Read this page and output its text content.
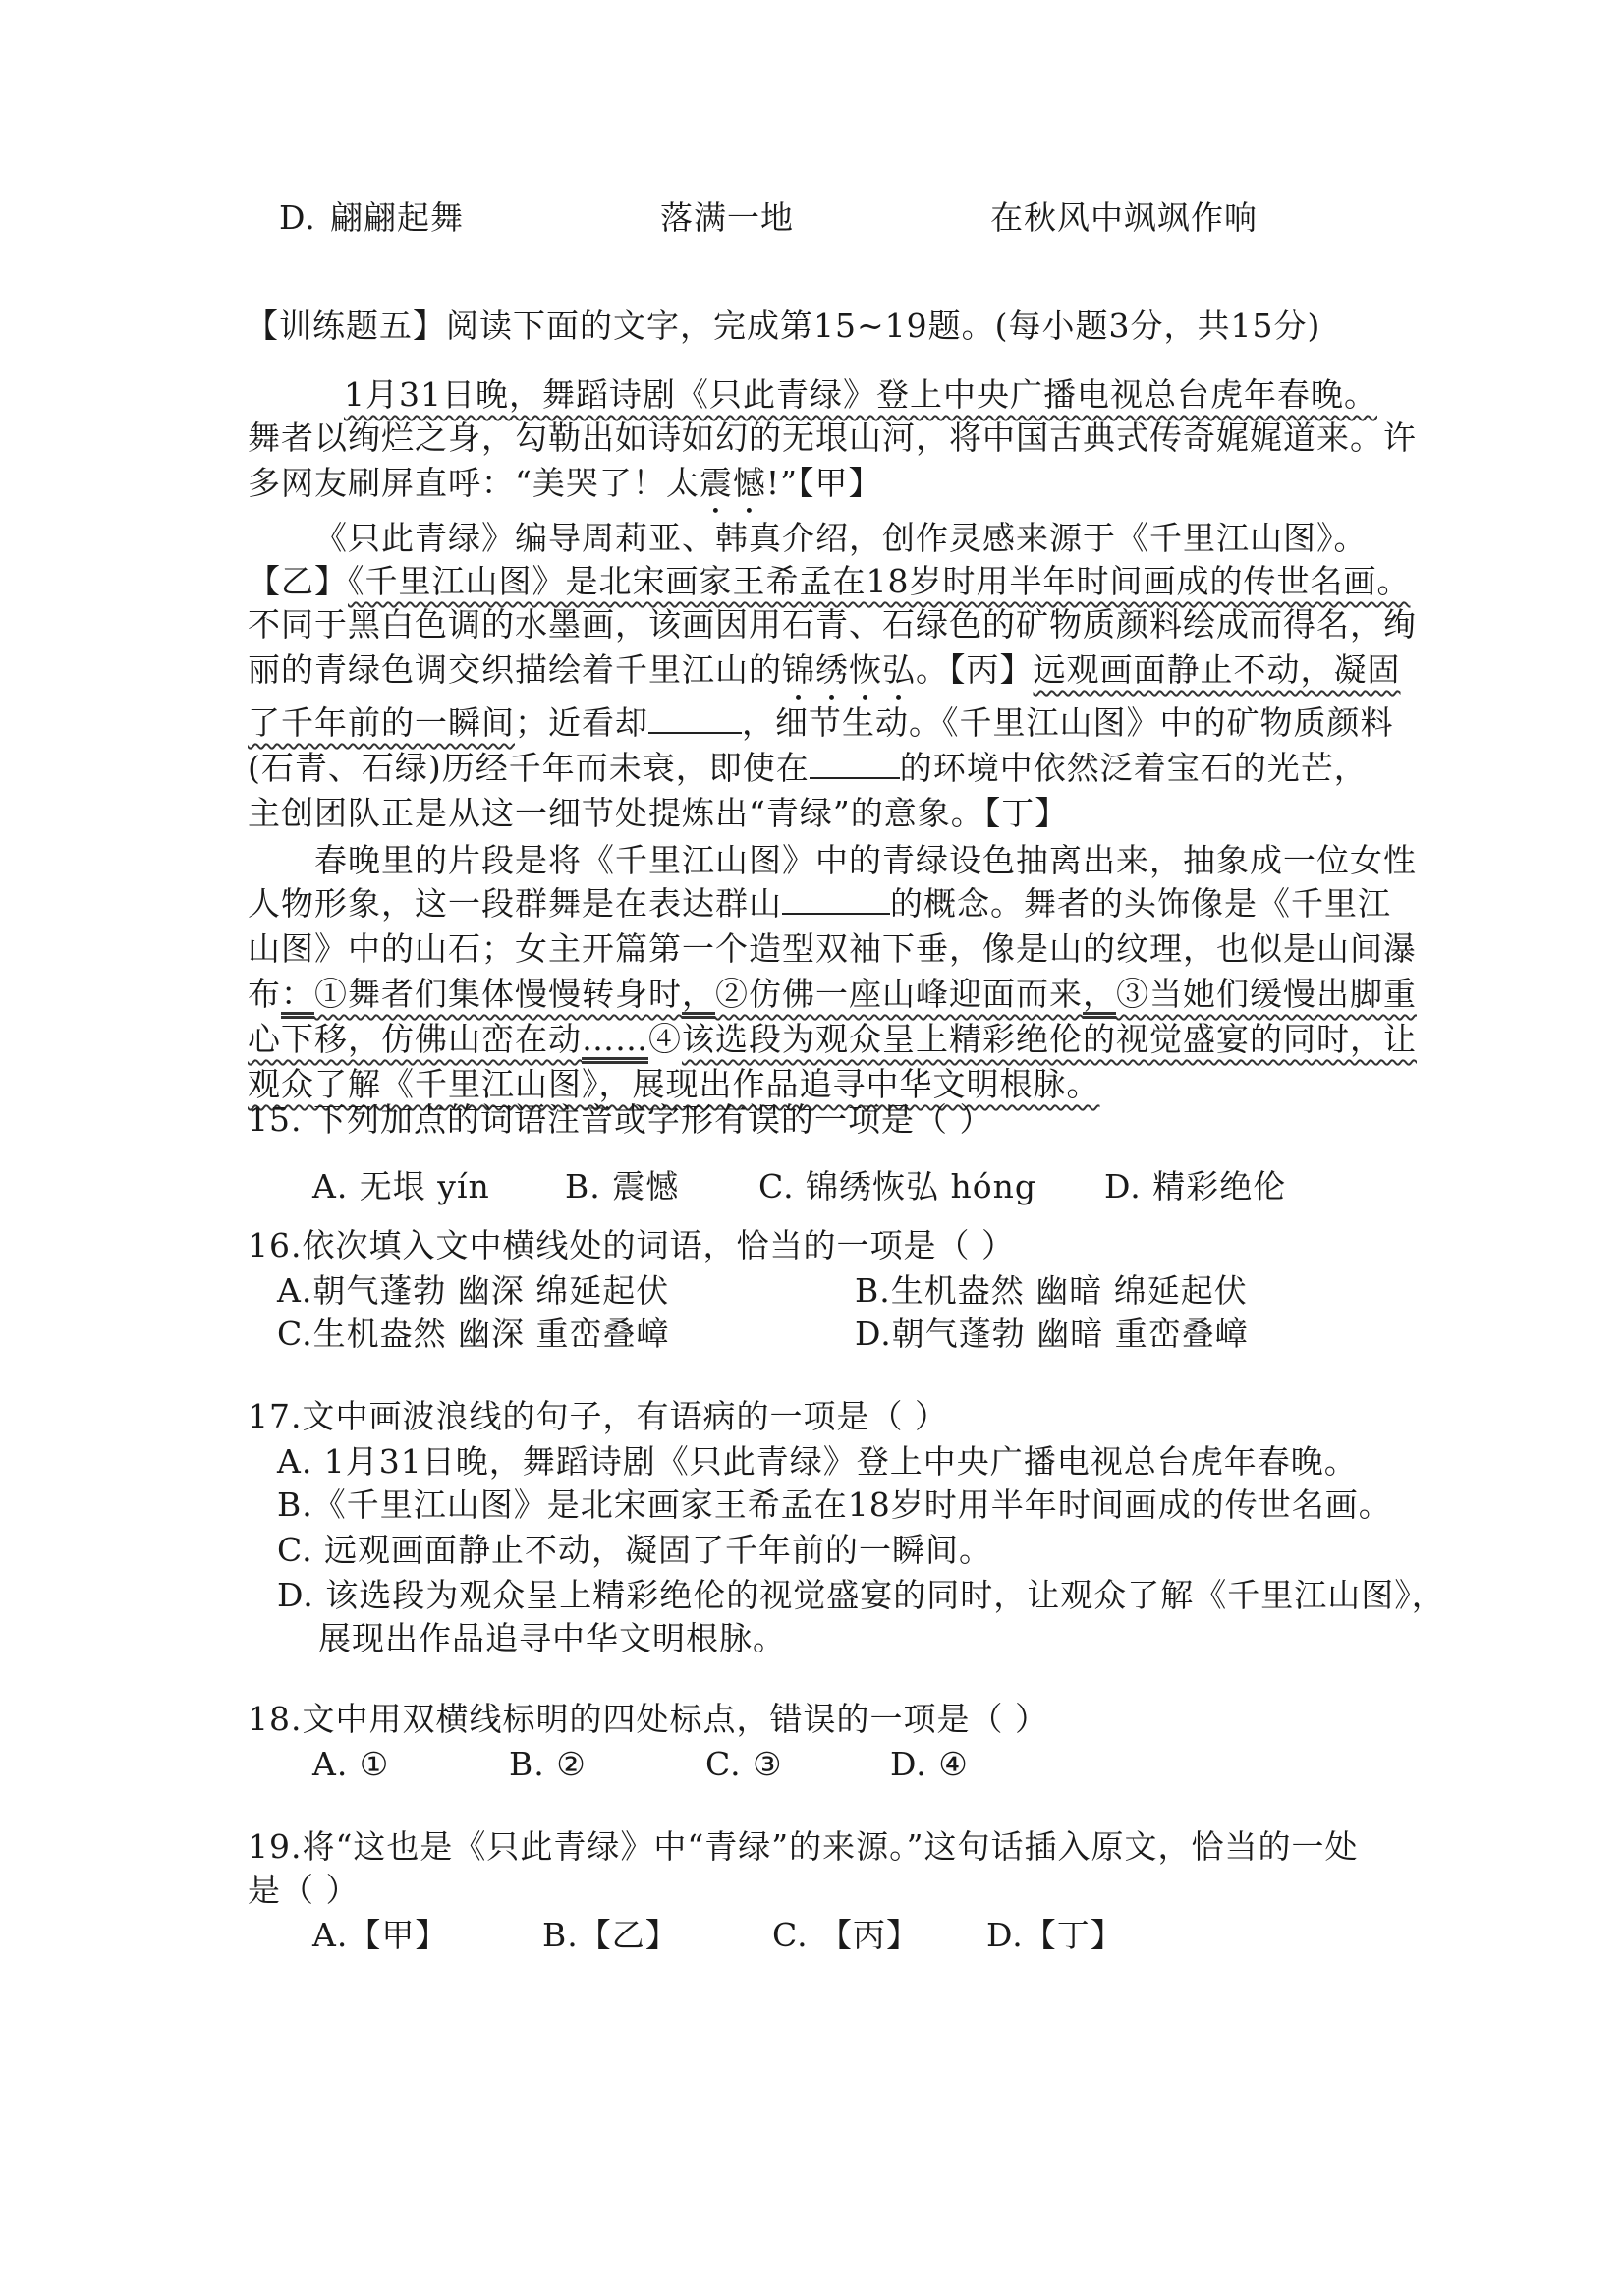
D. 翩翩起舞	落满一地	在秋风中飒飒作响
【训练题五】阅读下面的文字，完成第15~19题。(每小题3分，共15分)
1月31日晚，舞蹈诗剧《只此青绿》登上中央广播电视总台虎年春晚。
舞者以绚烂之身，勾勒出如诗如幻的无垠山河，将中国古典式传奇娓娓道来。许
多网友刷屏直呼：“美哭了！太震憾!”【甲】
《只此青绿》编导周莉亚、韩真介绍，创作灵感来源于《千里江山图》。
【乙】《千里江山图》是北宋画家王希孟在18岁时用半年时间画成的传世名画。
不同于黑白色调的水墨画，该画因用石青、石绿色的矿物质颜料绘成而得名，绚
丽的青绿色调交织描绘着千里江山的锦绣恢弘。【丙】远观画面静止不动，凝固
了千年前的一瞬间；近看却	，细节生动。《千里江山图》中的矿物质颜料
(石青、石绿)历经千年而未衰，即使在	的环境中依然泛着宝石的光芒，
主创团队正是从这一细节处提炼出“青绿”的意象。【丁】
春晚里的片段是将《千里江山图》中的青绿设色抽离出来，抽象成一位女性
人物形象，这一段群舞是在表达群山	的概念。舞者的头饰像是《千里江
山图》中的山石；女主开篇第一个造型双袖下垂，像是山的纹理，也似是山间瀑
布：①舞者们集体慢慢转身时，②仿佛一座山峰迎面而来，③当她们缓慢出脚重
心下移，仿佛山峦在动……④该选段为观众呈上精彩绝伦的视觉盛宴的同时，让
观众了解《千里江山图》，展现出作品追寻中华文明根脉。
15. 下列加点的词语注音或字形有误的一项是（ ）
A. 无垠 yín B. 震憾 C. 锦绣恢弘 hóng D. 精彩绝伦
16.依次填入文中横线处的词语，恰当的一项是（ ）
A.朝气蓬勃 幽深 绵延起伏	B.生机盎然 幽暗 绵延起伏
C.生机盎然 幽深 重峦叠嶂	D.朝气蓬勃 幽暗 重峦叠嶂
17.文中画波浪线的句子，有语病的一项是（ ）
A. 1月31日晚，舞蹈诗剧《只此青绿》登上中央广播电视总台虎年春晚。
B.《千里江山图》是北宋画家王希孟在18岁时用半年时间画成的传世名画。
C. 远观画面静止不动，凝固了千年前的一瞬间。
D. 该选段为观众呈上精彩绝伦的视觉盛宴的同时，让观众了解《千里江山图》，
展现出作品追寻中华文明根脉。
18.文中用双横线标明的四处标点，错误的一项是（ ）
A. ①	B. ②	C. ③	D. ④
19.将“这也是《只此青绿》中“青绿”的来源。”这句话插入原文，恰当的一处
是（ ）
A.【甲】	B.【乙】	C. 【丙】 D.【丁】
